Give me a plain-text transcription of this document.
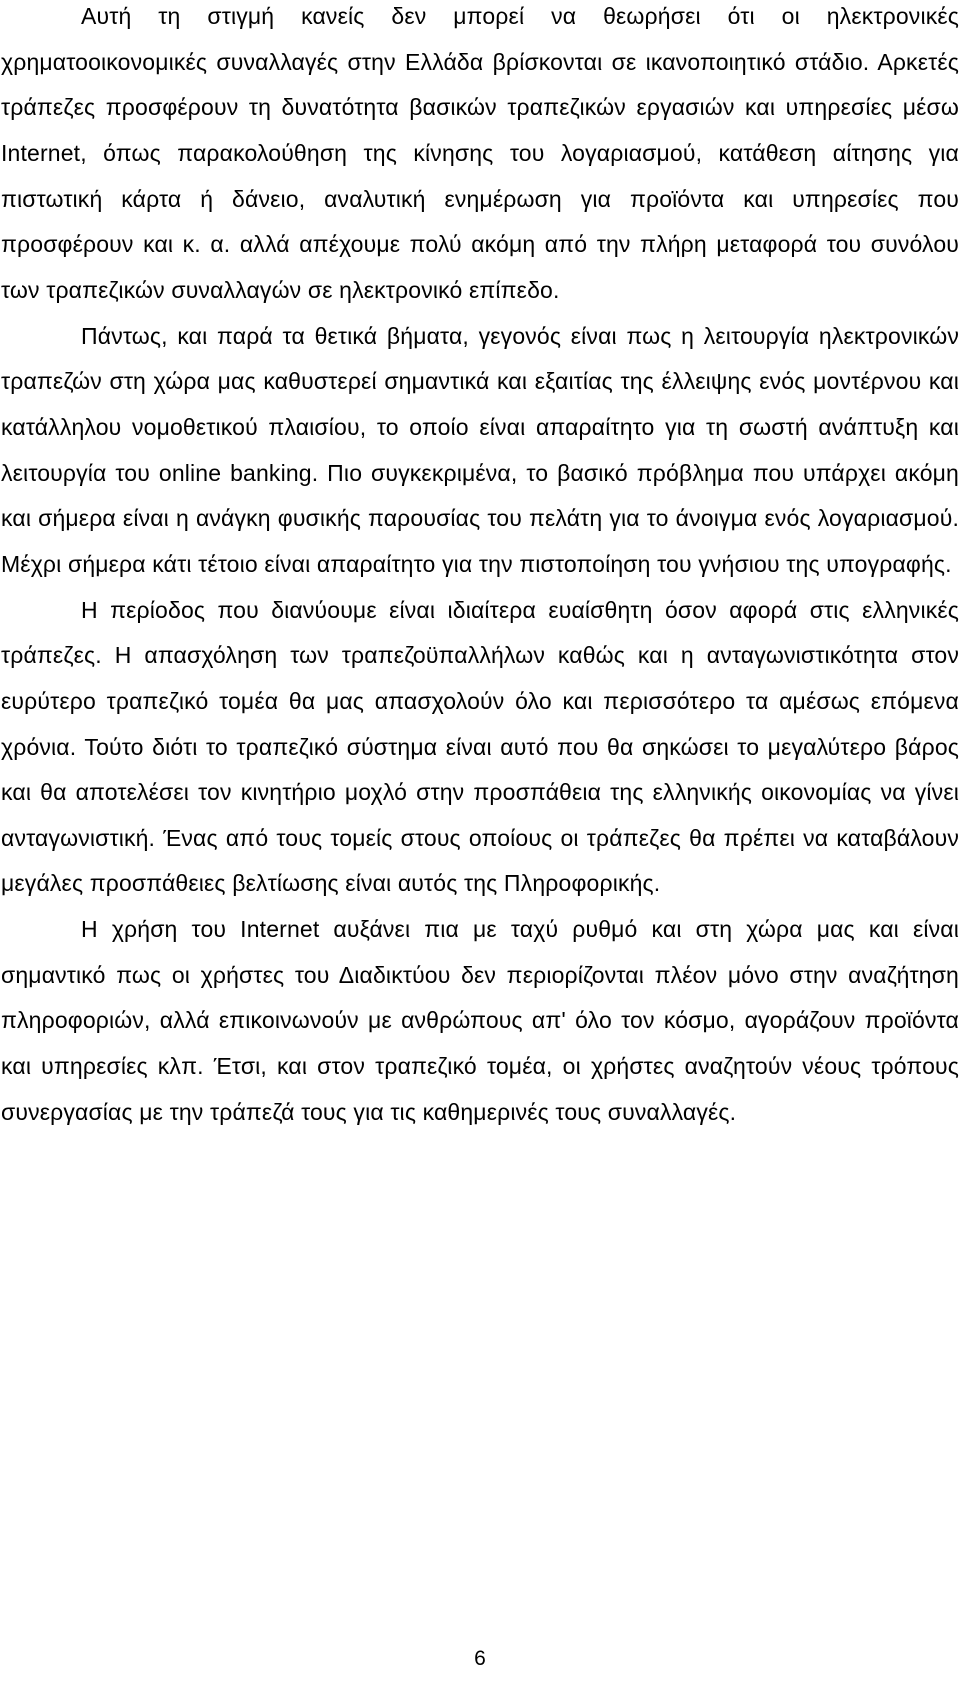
Αυτή τη στιγμή κανείς δεν μπορεί να θεωρήσει ότι οι ηλεκτρονικές χρηματοοικονομικές συναλλαγές στην Ελλάδα βρίσκονται σε ικανοποιητικό στάδιο. Αρκετές τράπεζες προσφέρουν τη δυνατότητα βασικών τραπεζικών εργασιών και υπηρεσίες μέσω Internet, όπως παρακολούθηση της κίνησης του λογαριασμού, κατάθεση αίτησης για πιστωτική κάρτα ή δάνειο, αναλυτική ενημέρωση για προϊόντα και υπηρεσίες που προσφέρουν και κ. α. αλλά απέχουμε πολύ ακόμη από την πλήρη μεταφορά του συνόλου των τραπεζικών συναλλαγών σε ηλεκτρονικό επίπεδο.

Πάντως, και παρά τα θετικά βήματα, γεγονός είναι πως η λειτουργία ηλεκτρονικών τραπεζών στη χώρα μας καθυστερεί σημαντικά και εξαιτίας της έλλειψης ενός μοντέρνου και κατάλληλου νομοθετικού πλαισίου, το οποίο είναι απαραίτητο για τη σωστή ανάπτυξη και λειτουργία του online banking. Πιο συγκεκριμένα, το βασικό πρόβλημα που υπάρχει ακόμη και σήμερα είναι η ανάγκη φυσικής παρουσίας του πελάτη για το άνοιγμα ενός λογαριασμού. Μέχρι σήμερα κάτι τέτοιο είναι απαραίτητο για την πιστοποίηση του γνήσιου της υπογραφής.

Η περίοδος που διανύουμε είναι ιδιαίτερα ευαίσθητη όσον αφορά στις ελληνικές τράπεζες. Η απασχόληση των τραπεζοϋπαλλήλων καθώς και η ανταγωνιστικότητα στον ευρύτερο τραπεζικό τομέα θα μας απασχολούν όλο και περισσότερο τα αμέσως επόμενα χρόνια. Τούτο διότι το τραπεζικό σύστημα είναι αυτό που θα σηκώσει το μεγαλύτερο βάρος και θα αποτελέσει τον κινητήριο μοχλό στην προσπάθεια της ελληνικής οικονομίας να γίνει ανταγωνιστική. Ένας από τους τομείς στους οποίους οι τράπεζες θα πρέπει να καταβάλουν μεγάλες προσπάθειες βελτίωσης είναι αυτός της Πληροφορικής.

Η χρήση του Internet αυξάνει πια με ταχύ ρυθμό και στη χώρα μας και είναι σημαντικό πως οι χρήστες του Διαδικτύου δεν περιορίζονται πλέον μόνο στην αναζήτηση πληροφοριών, αλλά επικοινωνούν με ανθρώπους απ' όλο τον κόσμο, αγοράζουν προϊόντα και υπηρεσίες κλπ. Έτσι, και στον τραπεζικό τομέα, οι χρήστες αναζητούν νέους τρόπους συνεργασίας με την τράπεζά τους για τις καθημερινές τους συναλλαγές.

6
